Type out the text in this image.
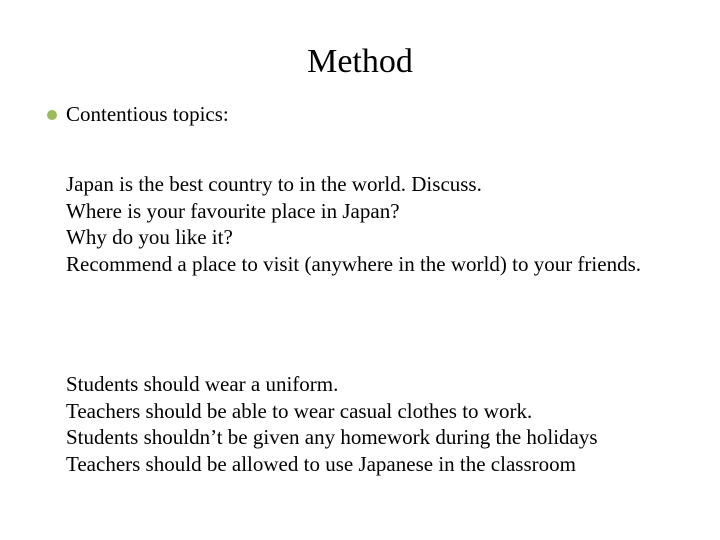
Method
Contentious topics:
Japan is the best country to in the world. Discuss.
Where is your favourite place in Japan?
Why do you like it?
Recommend a place to visit (anywhere in the world) to your friends.
Students should wear a uniform.
Teachers should be able to wear casual clothes to work.
Students shouldn’t be given any homework during the holidays
Teachers should be allowed to use Japanese in the classroom
